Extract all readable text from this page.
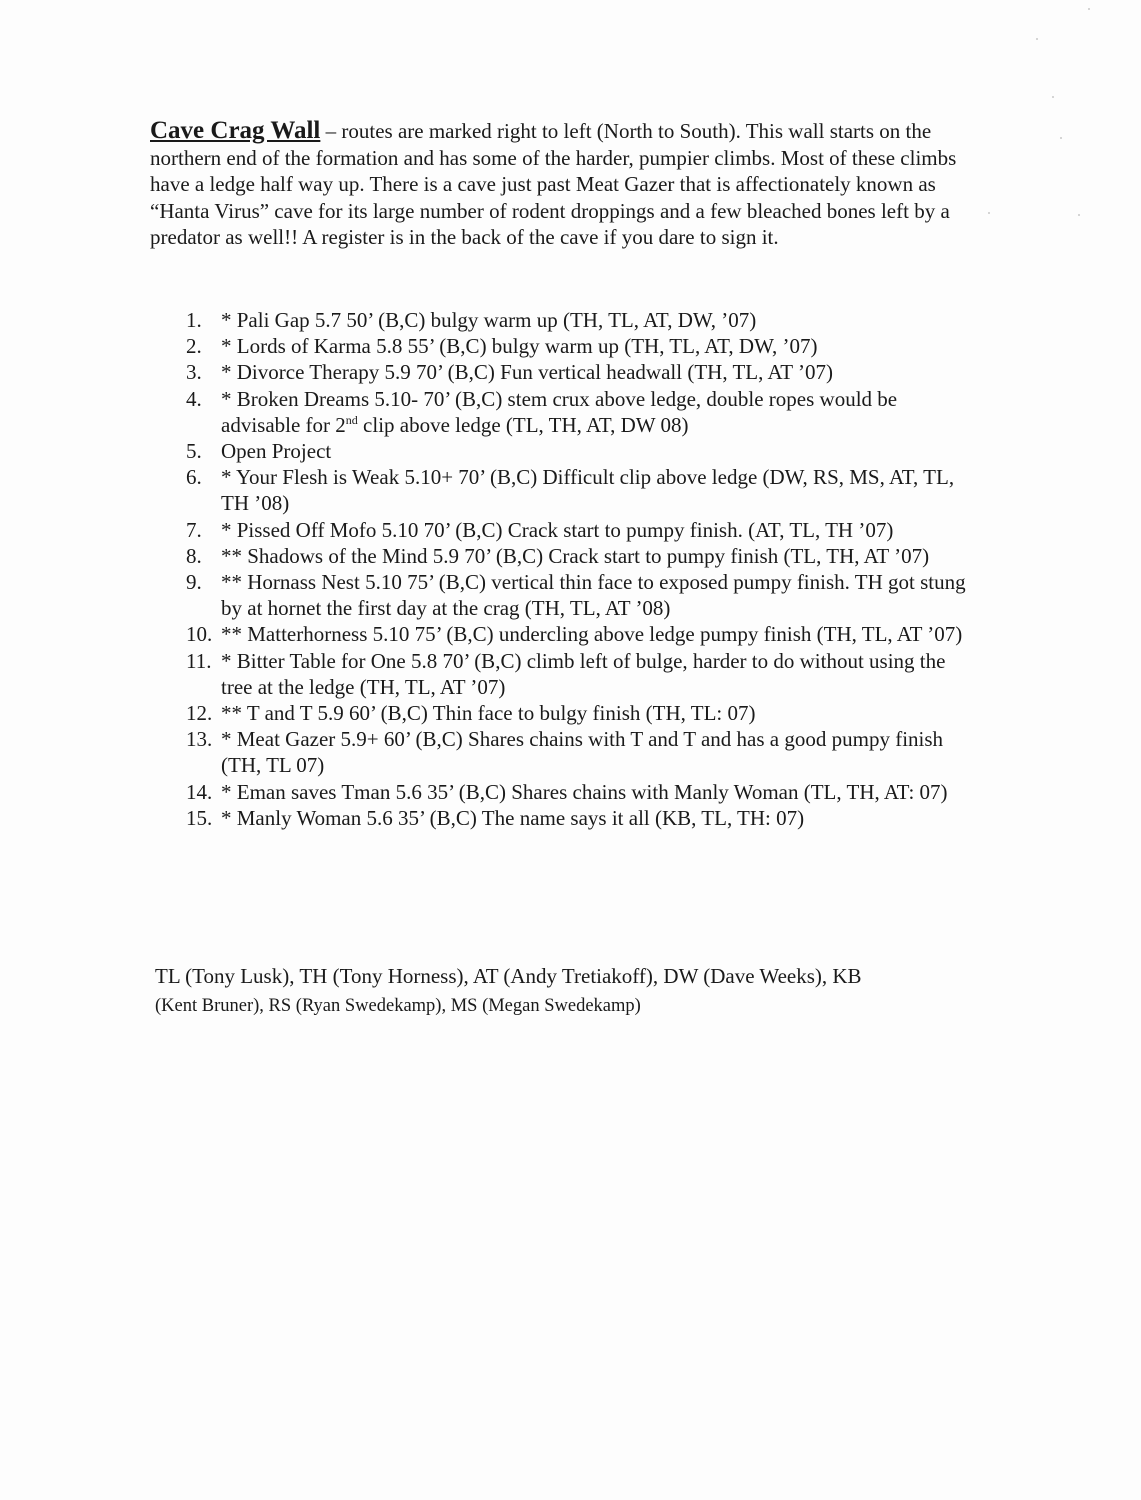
Cave Crag Wall – routes are marked right to left (North to South). This wall starts on the northern end of the formation and has some of the harder, pumpier climbs. Most of these climbs have a ledge half way up. There is a cave just past Meat Gazer that is affectionately known as “Hanta Virus” cave for its large number of rodent droppings and a few bleached bones left by a predator as well!! A register is in the back of the cave if you dare to sign it.
1. * Pali Gap 5.7 50’ (B,C) bulgy warm up (TH, TL, AT, DW, ’07)
2. * Lords of Karma 5.8 55’ (B,C) bulgy warm up (TH, TL, AT, DW, ’07)
3. * Divorce Therapy 5.9 70’ (B,C) Fun vertical headwall (TH, TL, AT ’07)
4. * Broken Dreams 5.10- 70’ (B,C) stem crux above ledge, double ropes would be advisable for 2nd clip above ledge (TL, TH, AT, DW 08)
5. Open Project
6. * Your Flesh is Weak 5.10+ 70’ (B,C) Difficult clip above ledge (DW, RS, MS, AT, TL, TH ’08)
7. * Pissed Off Mofo 5.10 70’ (B,C) Crack start to pumpy finish. (AT, TL, TH ’07)
8. ** Shadows of the Mind 5.9 70’ (B,C) Crack start to pumpy finish (TL, TH, AT ’07)
9. ** Hornass Nest 5.10 75’ (B,C) vertical thin face to exposed pumpy finish. TH got stung by at hornet the first day at the crag (TH, TL, AT ’08)
10. ** Matterhorness 5.10 75’ (B,C) undercling above ledge pumpy finish (TH, TL, AT ’07)
11. * Bitter Table for One 5.8 70’ (B,C) climb left of bulge, harder to do without using the tree at the ledge (TH, TL, AT ’07)
12. ** T and T 5.9 60’ (B,C) Thin face to bulgy finish (TH, TL: 07)
13. * Meat Gazer 5.9+ 60’ (B,C) Shares chains with T and T and has a good pumpy finish (TH, TL 07)
14. * Eman saves Tman 5.6 35’ (B,C) Shares chains with Manly Woman (TL, TH, AT: 07)
15. * Manly Woman 5.6 35’ (B,C) The name says it all (KB, TL, TH: 07)
TL (Tony Lusk), TH (Tony Horness), AT (Andy Tretiakoff), DW (Dave Weeks), KB
(Kent Bruner), RS (Ryan Swedekamp), MS (Megan Swedekamp)
